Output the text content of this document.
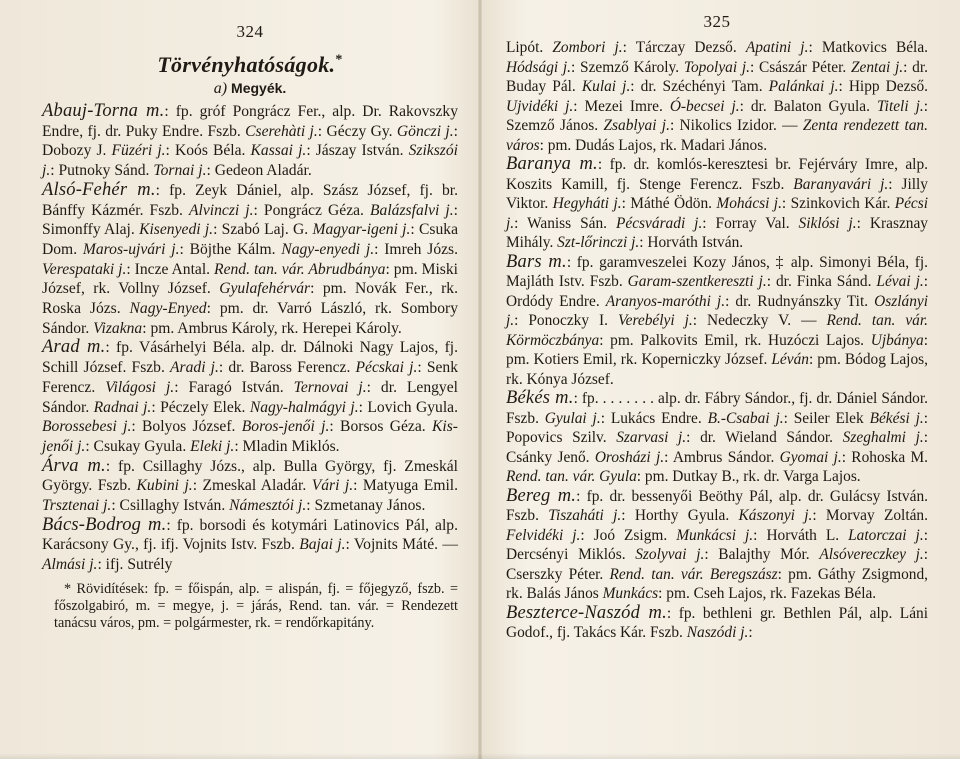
324
Törvényhatóságok.*
a) Megyék.
Abauj-Torna m.: fp. gróf Pongrácz Fer., alp. Dr. Rakovszky Endre, fj. dr. Puky Endre. Fszb. Cserehàti j.: Géczy Gy. Gönczi j.: Dobozy J. Füzéri j.: Koós Béla. Kassai j.: Jászay István. Szikszói j.: Putnoky Sánd. Tornai j.: Gedeon Aladár.
Alsó-Fehér m.: fp. Zeyk Dániel, alp. Szász József, fj. br. Bánffy Kázmér. Fszb. Alvinczi j.: Pongrácz Géza. Balázsfalvi j.: Simonffy Alaj. Kisenyedi j.: Szabó Laj. G. Magyar-igeni j.: Csuka Dom. Maros-ujvári j.: Böjthe Kálm. Nagy-enyedi j.: Imreh Józs. Verespataki j.: Incze Antal. Rend. tan. vár. Abrudbánya: pm. Miski József, rk. Vollny József. Gyulafehérvár: pm. Novák Fer., rk. Roska Józs. Nagy-Enyed: pm. dr. Varró László, rk. Sombory Sándor. Vizakna: pm. Ambrus Károly, rk. Herepei Károly.
Arad m.: fp. Vásárhelyi Béla. alp. dr. Dálnoki Nagy Lajos, fj. Schill József. Fszb. Aradi j.: dr. Baross Ferencz. Pécskai j.: Senk Ferencz. Világosi j.: Faragó István. Ternovai j.: dr. Lengyel Sándor. Radnai j.: Péczely Elek. Nagy-halmágyi j.: Lovich Gyula. Borossebesi j.: Bolyos József. Boros-jenői j.: Borsos Géza. Kis-jenői j.: Csukay Gyula. Eleki j.: Mladin Miklós.
Árva m.: fp. Csillaghy Józs., alp. Bulla György, fj. Zmeskál György. Fszb. Kubini j.: Zmeskal Aladár. Vári j.: Matyuga Emil. Trsztenai j.: Csillaghy István. Námesztói j.: Szmetanay János.
Bács-Bodrog m.: fp. borsodi és kotymári Latinovics Pál, alp. Karácsony Gy., fj. ifj. Vojnits Istv. Fszb. Bajai j.: Vojnits Máté. — Almási j.: ifj. Sutrély
* Rövidítések: fp. = főispán, alp. = alispán, fj. = főjegyző, fszb. = főszolgabiró, m. = megye, j. = járás, Rend. tan. vár. = Rendezett tanácsu város, pm. = polgármester, rk. = rendőrkapitány.
325
Lipót. Zombori j.: Tárczay Dezső. Apatini j.: Matkovics Béla. Hódsági j.: Szemző Károly. Topolyai j.: Császár Péter. Zentai j.: dr. Buday Pál. Kulai j.: dr. Széchényi Tam. Palánkai j.: Hipp Dezső. Ujvidéki j.: Mezei Imre. Ó-becsei j.: dr. Balaton Gyula. Titeli j.: Szemző János. Zsablyai j.: Nikolics Izidor. — Zenta rendezett tan. város: pm. Dudás Lajos, rk. Madari János.
Baranya m.: fp. dr. komlós-keresztesi br. Fejérváry Imre, alp. Koszits Kamill, fj. Stenge Ferencz. Fszb. Baranyavári j.: Jilly Viktor. Hegyháti j.: Máthé Ödön. Mohácsi j.: Szinkovich Kár. Pécsi j.: Waniss Sán. Pécsváradi j.: Forray Val. Siklósi j.: Krasznay Mihály. Szt-lőrinczi j.: Horváth István.
Bars m.: fp. garamveszelei Kozy János, ‡ alp. Simonyi Béla, fj. Majláth Istv. Fszb. Garam-szentkereszti j.: dr. Finka Sánd. Lévai j.: Ordódy Endre. Aranyos-maróthi j.: dr. Rudnyánszky Tit. Oszlányi j.: Ponoczky I. Verebélyi j.: Nedeczky V. — Rend. tan. vár. Körmöczbánya: pm. Palkovits Emil, rk. Huzóczi Lajos. Ujbánya: pm. Kotiers Emil, rk. Koperniczky József. Léván: pm. Bódog Lajos, rk. Kónya József.
Békés m.: fp. . . . . . . . alp. dr. Fábry Sándor., fj. dr. Dániel Sándor. Fszb. Gyulai j.: Lukács Endre. B.-Csabai j.: Seiler Elek Békési j.: Popovics Szilv. Szarvasi j.: dr. Wieland Sándor. Szeghalmi j.: Csánky Jenő. Orosházi j.: Ambrus Sándor. Gyomai j.: Rohoska M. Rend. tan. vár. Gyula: pm. Dutkay B., rk. dr. Varga Lajos.
Bereg m.: fp. dr. bessenyői Beöthy Pál, alp. dr. Gulácsy István. Fszb. Tiszaháti j.: Horthy Gyula. Kászonyi j.: Morvay Zoltán. Felvidéki j.: Joó Zsigm. Munkácsi j.: Horváth L. Latorczai j.: Dercsényi Miklós. Szolyvai j.: Balajthy Mór. Alsóvereczkey j.: Cserszky Péter. Rend. tan. vár. Beregszász: pm. Gáthy Zsigmond, rk. Balás János Munkács: pm. Cseh Lajos, rk. Fazekas Béla.
Beszterce-Naszód m.: fp. bethleni gr. Bethlen Pál, alp. Láni Godof., fj. Takács Kár. Fszb. Naszódi j.:
